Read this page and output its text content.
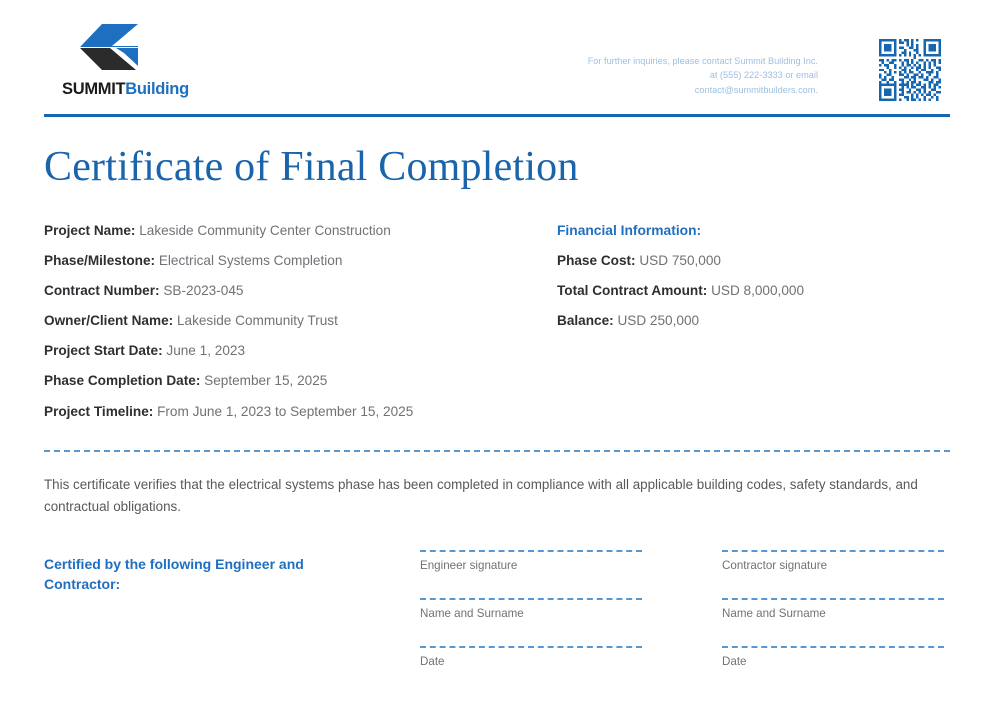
SUMMITBuilding
For further inquiries, please contact Summit Building Inc. at (555) 222-3333 or email contact@summitbuilders.com.
Certificate of Final Completion
Project Name: Lakeside Community Center Construction
Phase/Milestone: Electrical Systems Completion
Contract Number: SB-2023-045
Owner/Client Name: Lakeside Community Trust
Project Start Date: June 1, 2023
Phase Completion Date: September 15, 2025
Project Timeline: From June 1, 2023 to September 15, 2025
Financial Information:
Phase Cost: USD 750,000
Total Contract Amount: USD 8,000,000
Balance: USD 250,000
This certificate verifies that the electrical systems phase has been completed in compliance with all applicable building codes, safety standards, and contractual obligations.
Certified by the following Engineer and Contractor:
Engineer signature
Name and Surname
Date
Contractor signature
Name and Surname
Date
